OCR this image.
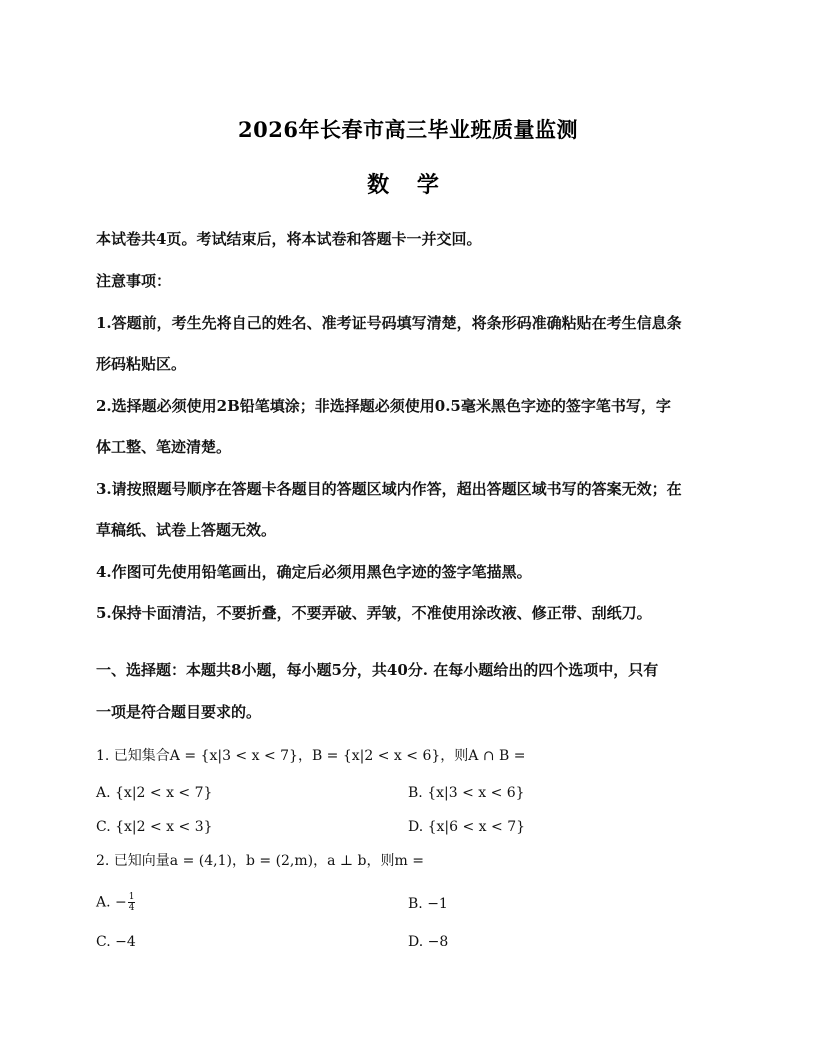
2026年长春市高三毕业班质量监测
数 学
本试卷共4页。考试结束后，将本试卷和答题卡一并交回。
注意事项：
1.答题前，考生先将自己的姓名、准考证号码填写清楚，将条形码准确粘贴在考生信息条
形码粘贴区。
2.选择题必须使用2B铅笔填涂；非选择题必须使用0.5毫米黑色字迹的签字笔书写，字
体工整、笔迹清楚。
3.请按照题号顺序在答题卡各题目的答题区域内作答，超出答题区域书写的答案无效；在
草稿纸、试卷上答题无效。
4.作图可先使用铅笔画出，确定后必须用黑色字迹的签字笔描黑。
5.保持卡面清洁，不要折叠，不要弄破、弄皱，不准使用涂改液、修正带、刮纸刀。
一、选择题：本题共8小题，每小题5分，共40分. 在每小题给出的四个选项中，只有
一项是符合题目要求的。
1. 已知集合A = {x|3 < x < 7}，B = {x|2 < x < 6}，则A ∩ B =
A. {x|2 < x < 7}	B. {x|3 < x < 6}
C. {x|2 < x < 3}	D. {x|6 < x < 7}
2. 已知向量a = (4,1)，b = (2,m)，a ⊥ b，则m =
A. − $\frac{1}{4}$	B. −1
C. −4	D. −8
